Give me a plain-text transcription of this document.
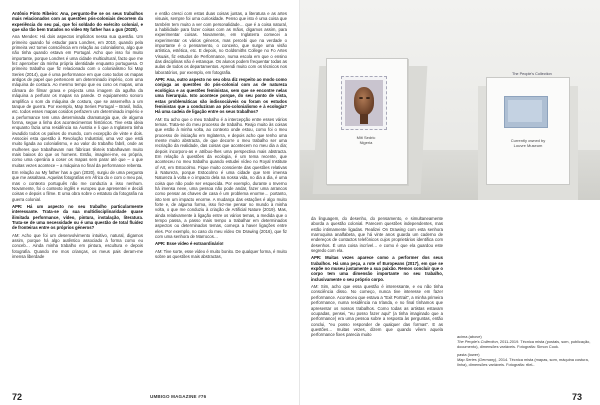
Antônio Pinto Ribeiro: Ana, pergunto-lhe se os seus trabalhos mais relacionados com as questões pós-coloniais decorrem da experiência do seu pai, que foi soldado do exército colonial, e que são tão bem tratados no vídeo My father has a gun (2020).

Ana Mendes: Há dois aspectos implícitos nessa sua questão. Um primeiro quando foi estudar para Londres, em 2010, quando pela primeira vez tomei consciência em relação ao colonialismo, algo que não tinha quando estava em Portugal. Acho que isso foi muito importante, porque Londres é uma cidade multicultural, facto que me fez aperceber da minha própria identidade enquanto portuguesa. O primeiro trabalho que fiz relacionado com o colonialismo foi Map Series (2014), que é uma performance em que coso todos os mapas antigos de papel que pertencem um determinado império, com uma máquina de costura. Ao mesmo tempo que eu coso os mapas, uma câmara de filmar grava e projecta uma imagem da agulha da máquina a perfurar os mapas na parede. O equipamento sonoro amplifica o som da máquina de costura, que se assemelha a um tanque de guerra. Por exemplo, Map Series Portugal – Brasil, Índia, etc. todos esses mapas cosidos perfazem um determinado império e a performance tem uma determinada dramaturgia que, de alguma forma, segue a linha dos acontecimentos históricos. Tive esta ideia enquanto fazia uma residência na Áustria e li que a Inglaterra tinha invadido todos os países do mundo, com excepção de vinte e dois. Associei esta questão à Revolução Industrial, uma vez que está muito ligada ao colonialismo, e ao valor do trabalho fabril, onde as mulheres que trabalhavam nas fábricas têxteis trabalhavam muito mais baixos do que os homens. Então, imaginei-me, eu própria, como uma operária a coser os mapas sem parar até que – o que muitas vezes acontece – a máquina no final da performance rebenta.

Em relação ao My father has a gun (2020), surgiu de uma pergunta que me assaltava. Aquelas fotografias em África do e com o meu pai, mas o contexto português não me conduzia a isso nenhum. Novamente, foi o contexto inglês e europeu que apresentei e decidi coisas e depois o filme. E uma obra sobre o estatuto da fotografia na guerra colonial.

APR: Há um aspecto no seu trabalho particularmente interessante. Trata-se da sua multidisciplinaridade quase ilimitada performance, vídeo, pintura, instalação, literatura. Trata-se de uma necessidade ou é uma questão de total fluidez de fronteiras entre os próprios géneros?

AM: Acho que foi um desenvolvimento intuitivo, natural, digamos assim, porque há algo autêntico associado à forma como eu conceb… Ainda minha trabalho em pintura, escultura e depois fotografia. Quando me mos crianças, os meus pais deram-me imensa liberdade

e então cresci com estas duas coisas juntas, a literatura e as artes visuais, sempre foi uma curiosidade. Penso que isto é uma coisa que também tem muito a ver com personalidade… que é a coisa natural, a habilidade para fazer coisas com as mãos, digamos assim, para experimentar coisas. Novamente, em Inglaterra comecei a experimentar os vários géneros, mas percebi que na verdade o importante é o pensamento, o conceito, que surge uma visão artística, estética, etc. E depois, no Goldsmiths College no Fo Artes Visuais, fiz estudos de Performance, numa escola em que o ensino das disciplinas não é estanque. Os alunos podem frequentar todas as aulas de todos os departamentos. Aprendi muito com os técnicos nos laboratórios, por exemplo, em fotografia.

APR: Ana, outro aspecto no seu obra diz respeito ao modo como conjuga as questões do pós-colonial com as de natureza ecológica e as questões feministas, sem que se encontre nelas uma hierarquia. Isto acontece porque, do seu ponto de vista, estas problemáticas são indissociáveis ou foram os estudos feministas que a conduziram ao pós-colonialismo e à ecologia? Há uma cadeia de ligação entre os seus trabalhos?

AM: Eu acho que o meu trabalho é a intercepção entre esses vários temas. Trata-se do meu processo de trabalho. Reajo muito às coisas que estão à minha volta, ao contexto onde estou, como foi o meu processo de iniciação em Inglaterra, e depois acho que tenho uma mente muito abstracta, de que decorre o meu trabalho ser uma recriação da realidade, das coisas que acontecem no meu dia a dia; depois incorporo-as e atribuo-lhes uma perspectiva mais abstracta. Em relação à questões da ecologia, é um tema recente, que aconteceu no meu trabalho quando estudei vídeo no Royal Institute of Art, em Estocolmo. Fique muito consciente das questões relativas à Natureza, porque Estocolmo é uma cidade que tem imensa Natureza à volta e o impacto dela na nossa vida, no dia a dia, é uma coisa que não pode ser esquecida. Por exemplo, durante o Inverno há imensa neve, uma pessoa não pode andar, fazer uma arrancos como pensar as chaves de casa é um problema enorme… portanto, isto tem um impacto enorme. A mudança das estações é algo muito forte e, de alguma forma, isso fez-me pensar no mundo à minha volta, o que me conduziu à criação de Artificial Nature (2019). Mas, ainda relativamente à ligação entre os vários temas, a medida que o tempo passa, a passo mais tempo a trabalhar em determinados aspectos ou determinados temas, começa a haver ligações entre eles. Por exemplo, no caso do meu vídeo On Drawing (2016), que fiz com uma senhora de Marrocos…

APR: Esse vídeo é extraordinário!

AM: Tive sorte, esse vídeo é muito bonito. De qualquer forma, é muito sobre as questões mais abstractas,

72
Miti Sedric
Nigeria
The People's Collection
Currently owned by
Louvre Museum

da linguagem, do desenho, do pensamento, e simultaneamente aborda a questão colonial. Parecem questões independentes, mas estão intimamente ligadas. Realizei On Drawing com esta senhora marroquina analfabeta, que há vinte anos guarda um caderno de endereços de contactos telefónicos cujos proprietários identifica com desenhos. É uma coisa incrível… e como é que ela guardou este segredo com ela.

APR: Muitas vezes aparece como a performer dos seus trabalhos. Há uma peça, a rote of Europeans (2017), em que se expõe no museu justamente a sua paixão. Remos concluir que o corpo tem uma dimensão importante no seu trabalho, inclusivamente o seu próprio corpo.

AM: Sim, acho que essa questão é interessante, e eu não tinha consciência disso. No começo, nunca tive interesse em fazer performance. Aconteceu que estava a "Exit Portrait", a minha primeira performance, numa residência na Irlanda, e no final tínhamos que apresentar os nossos trabalhos. Como todas as artistas estavam ocupadas, pensei, "eu posso fazer aqui" (a tinha imaginado que a performance) era uma pessoa sobre a resposta às perguntas, então conclui, "eu posso responder de qualquer das formas". E as questões… muitas vezes, dizem que quando vêem aquela performance fixes parecia muito	acima (above)
The People's Collection, 2011-2019. Técnica mista (postais, som, publicação, documento), dimensões variáveis. Fotografia: Simon Cook.
pasta (lower)
Map Series (Germany), 2014. Técnica mista (mapas, som, máquina costura, linha), dimensões variáveis. Fotografia: rtIeL.
73
UMBIGO MAGAZINE #76
